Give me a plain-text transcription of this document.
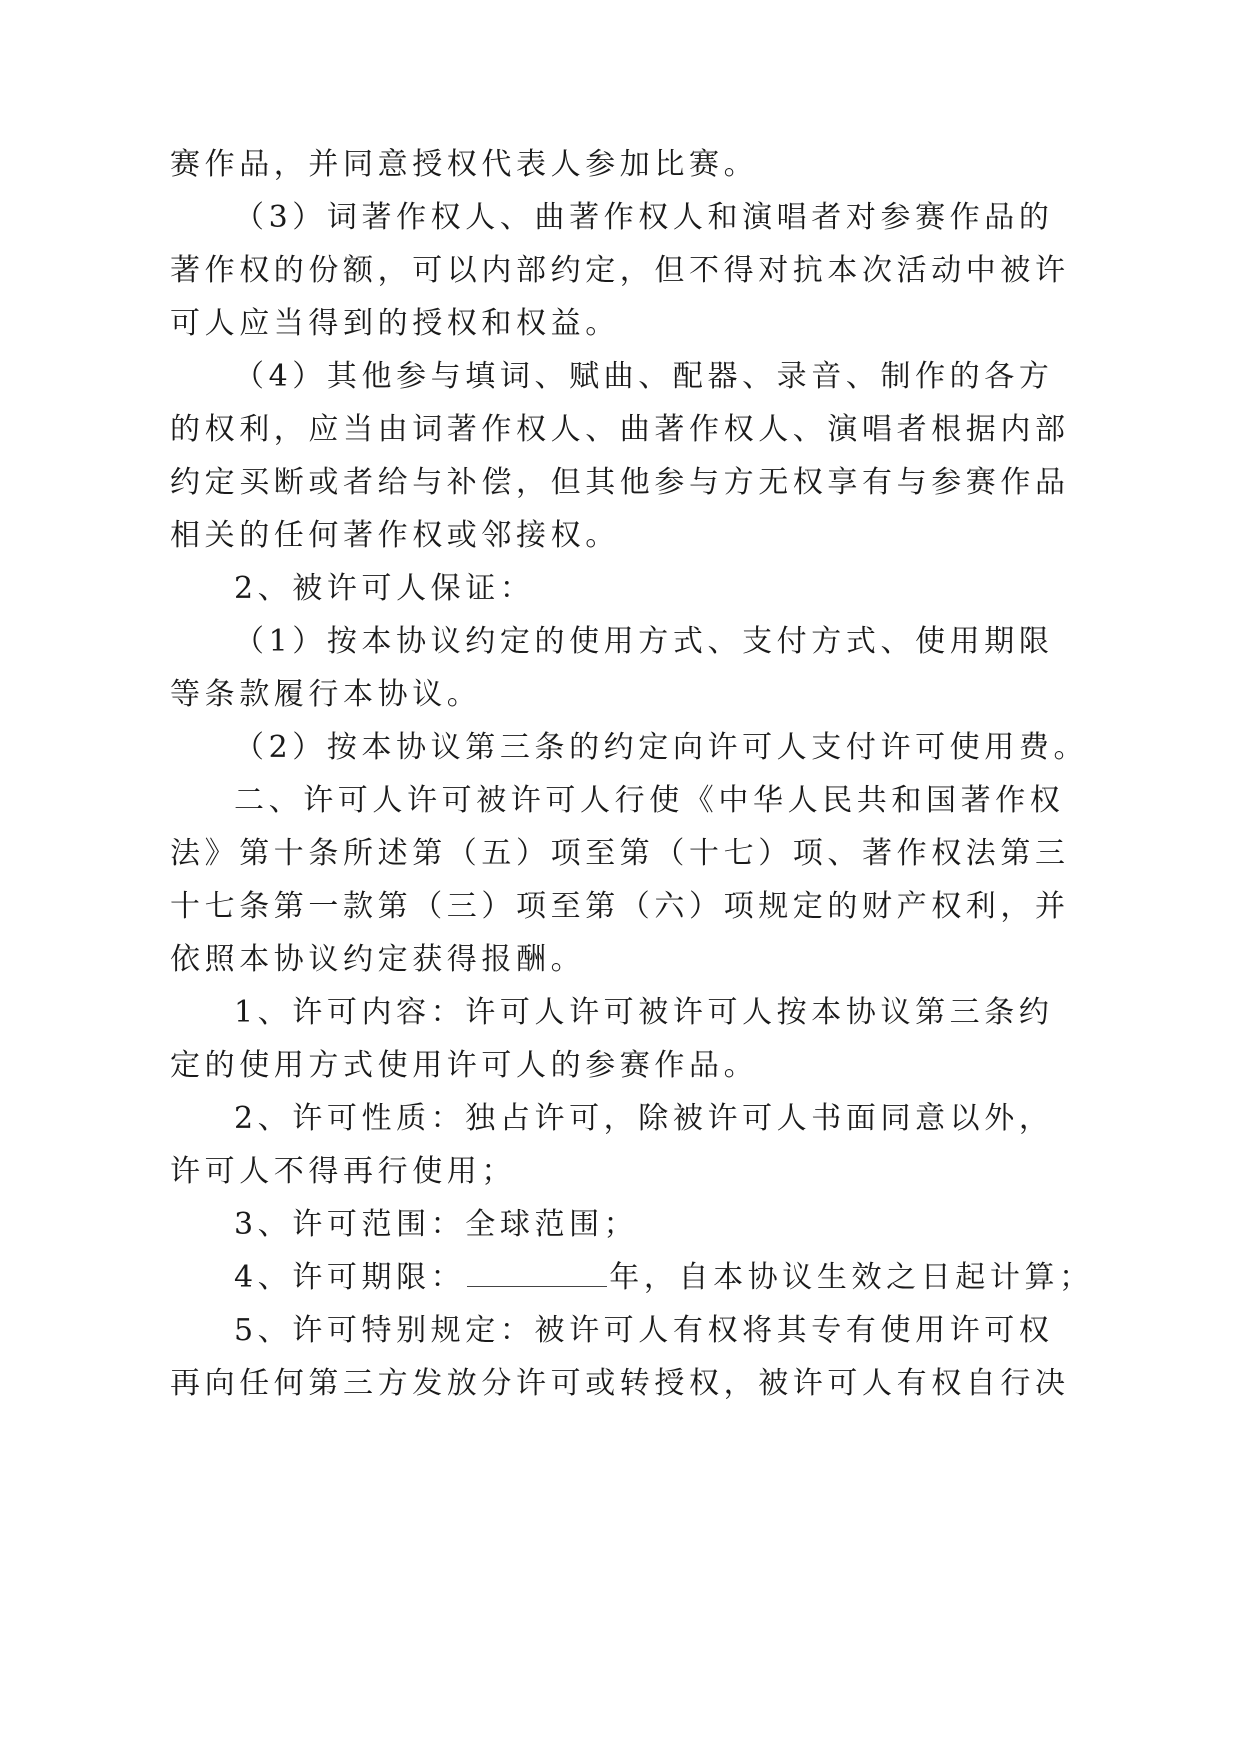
赛作品，并同意授权代表人参加比赛。
（3）词著作权人、曲著作权人和演唱者对参赛作品的
著作权的份额，可以内部约定，但不得对抗本次活动中被许
可人应当得到的授权和权益。
（4）其他参与填词、赋曲、配器、录音、制作的各方
的权利，应当由词著作权人、曲著作权人、演唱者根据内部
约定买断或者给与补偿，但其他参与方无权享有与参赛作品
相关的任何著作权或邻接权。
2、被许可人保证：
（1）按本协议约定的使用方式、支付方式、使用期限
等条款履行本协议。
（2）按本协议第三条的约定向许可人支付许可使用费。
二、许可人许可被许可人行使《中华人民共和国著作权
法》第十条所述第（五）项至第（十七）项、著作权法第三
十七条第一款第（三）项至第（六）项规定的财产权利，并
依照本协议约定获得报酬。
1、许可内容：许可人许可被许可人按本协议第三条约
定的使用方式使用许可人的参赛作品。
2、许可性质：独占许可，除被许可人书面同意以外，
许可人不得再行使用；
3、许可范围：全球范围；
4、许可期限：	年，自本协议生效之日起计算；
5、许可特别规定：被许可人有权将其专有使用许可权
再向任何第三方发放分许可或转授权，被许可人有权自行决
